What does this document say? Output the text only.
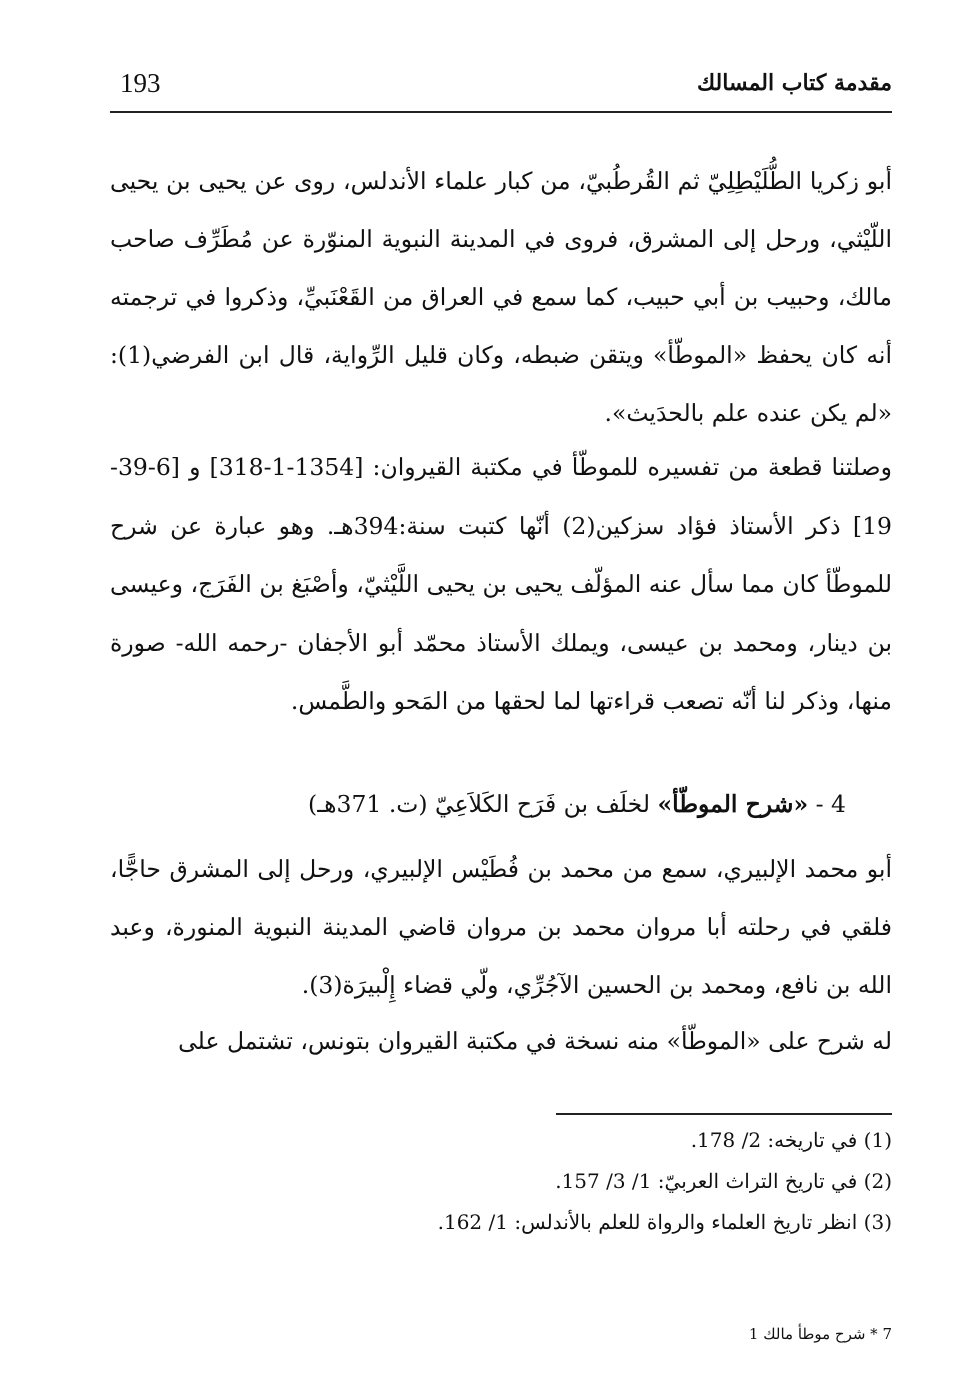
193	مقدمة كتاب المسالك

أبو زكريا الطُّلَيْطِلِيّ ثم القُرطُبيّ، من كبار علماء الأندلس، روى عن يحيى بن يحيى اللّيْثي، ورحل إلى المشرق، فروى في المدينة النبوية المنوّرة عن مُطَرِّف صاحب مالك، وحبيب بن أبي حبيب، كما سمع في العراق من القَعْنَبيِّ، وذكروا في ترجمته أنه كان يحفظ «الموطّأ» ويتقن ضبطه، وكان قليل الرِّواية، قال ابن الفرضي(1): «لم يكن عنده علم بالحدَيث».

وصلتنا قطعة من تفسيره للموطّأ في مكتبة القيروان: [1354-1-318] و [6-39-19] ذكر الأستاذ فؤاد سزكين(2) أنّها كتبت سنة:394هـ. وهو عبارة عن شرح للموطّأ كان مما سأل عنه المؤلّف يحيى بن يحيى اللَّيْثيّ، وأصْبَغ بن الفَرَج، وعيسى بن دينار، ومحمد بن عيسى، ويملك الأستاذ محمّد أبو الأجفان -رحمه الله- صورة منها، وذكر لنا أنّه تصعب قراءتها لما لحقها من المَحو والطَّمس.

4 - «شرح الموطّأ» لخلَف بن فَرَح الكَلاَعِيّ (ت. 371هـ)

أبو محمد الإلبيري، سمع من محمد بن فُطَيْس الإلبيري، ورحل إلى المشرق حاجًّا، فلقي في رحلته أبا مروان محمد بن مروان قاضي المدينة النبوية المنورة، وعبد الله بن نافع، ومحمد بن الحسين الآجُرِّي، ولّي قضاء إِلْبيرَة(3).

له شرح على «الموطّأ» منه نسخة في مكتبة القيروان بتونس، تشتمل على

(1) في تاريخه: 2/ 178.

(2) في تاريخ التراث العربيّ: 1/ 3/ 157.

(3) انظر تاريخ العلماء والرواة للعلم بالأندلس: 1/ 162.

7 * شرح موطأ مالك 1
